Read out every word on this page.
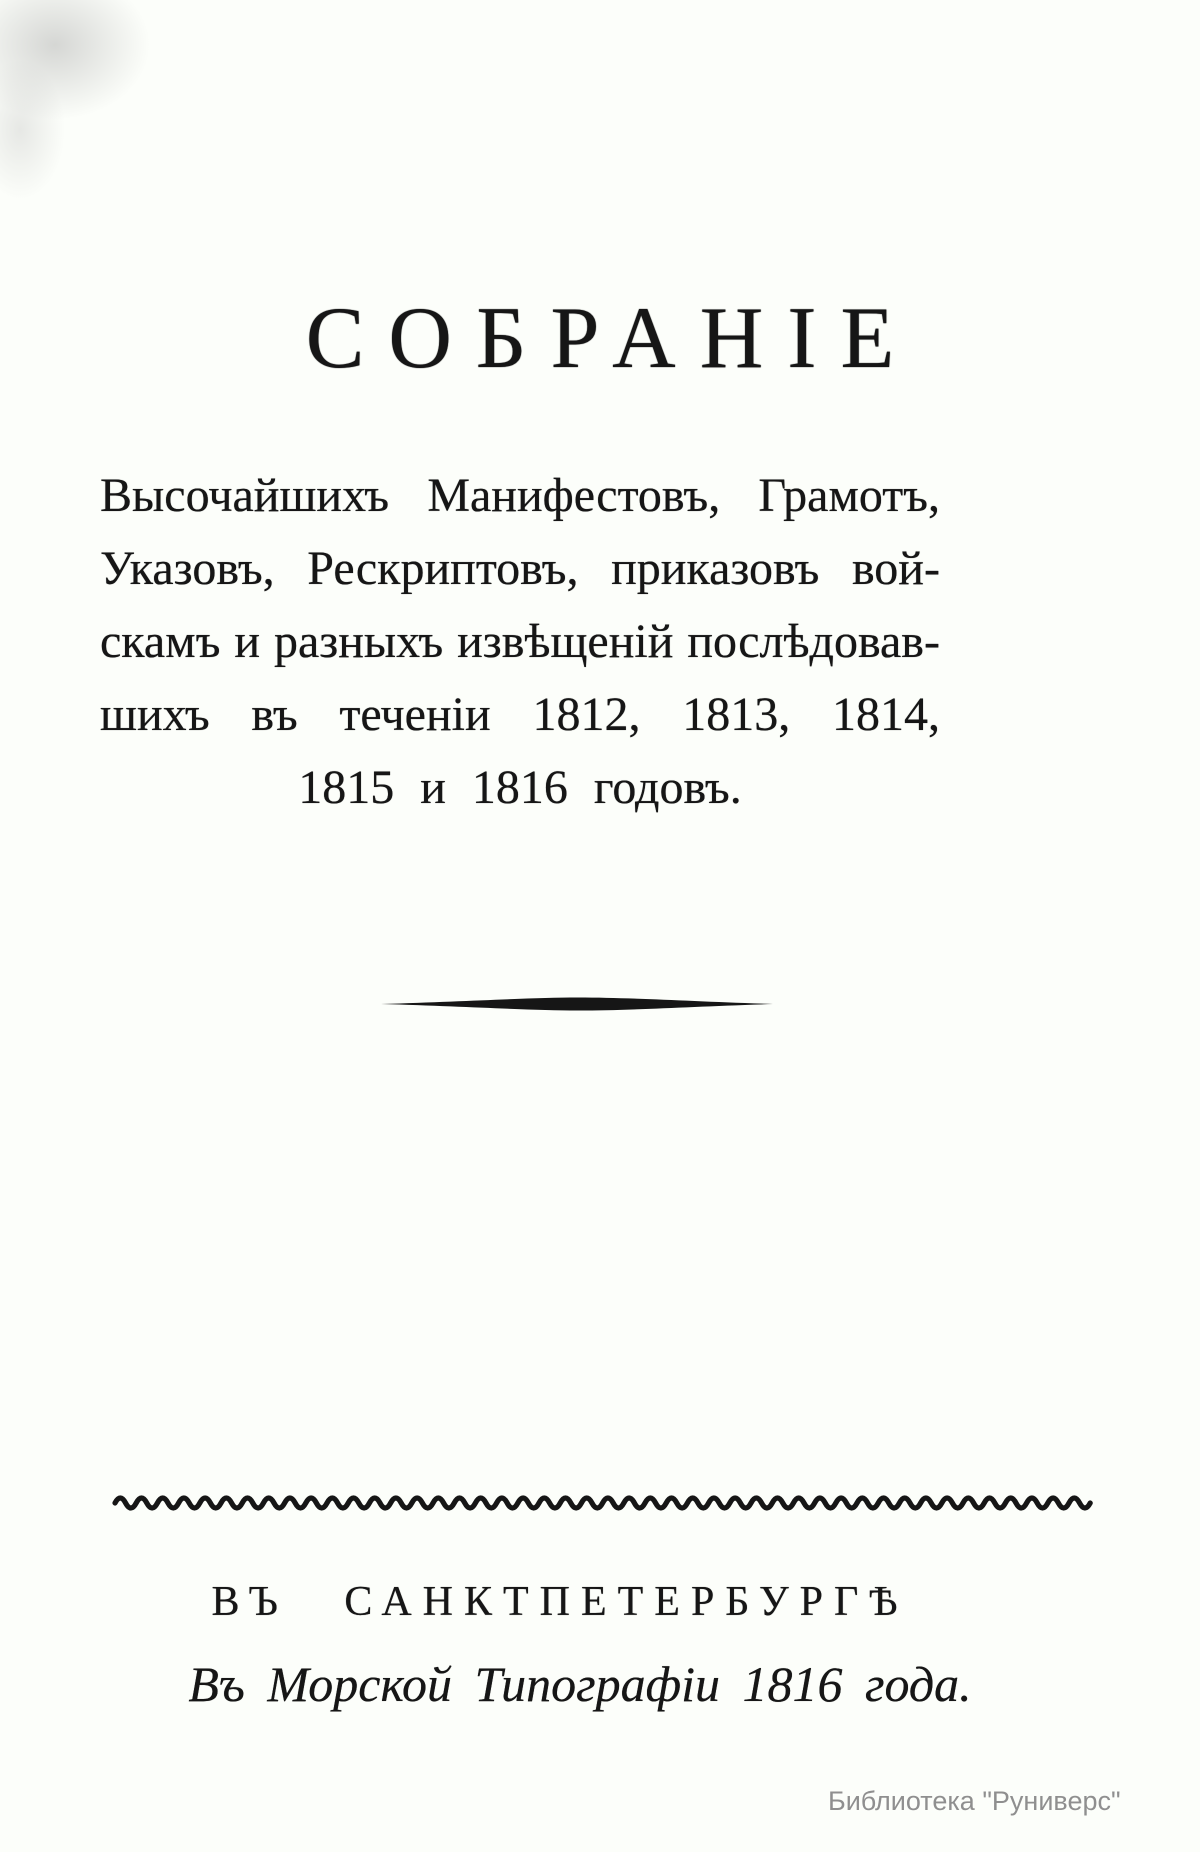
СОБРАНІЕ
Высочайшихъ Манифестовъ, Грамотъ,
Указовъ, Рескриптовъ, приказовъ вой-
скамъ и разныхъ извѣщеній послѣдовав-
шихъ въ теченіи 1812, 1813, 1814,
1815 и 1816 годовъ.
ВЪ САНКТПЕТЕРБУРГѢ
Въ Морской Типографіи 1816 года.
Библиотека "Руниверс"
